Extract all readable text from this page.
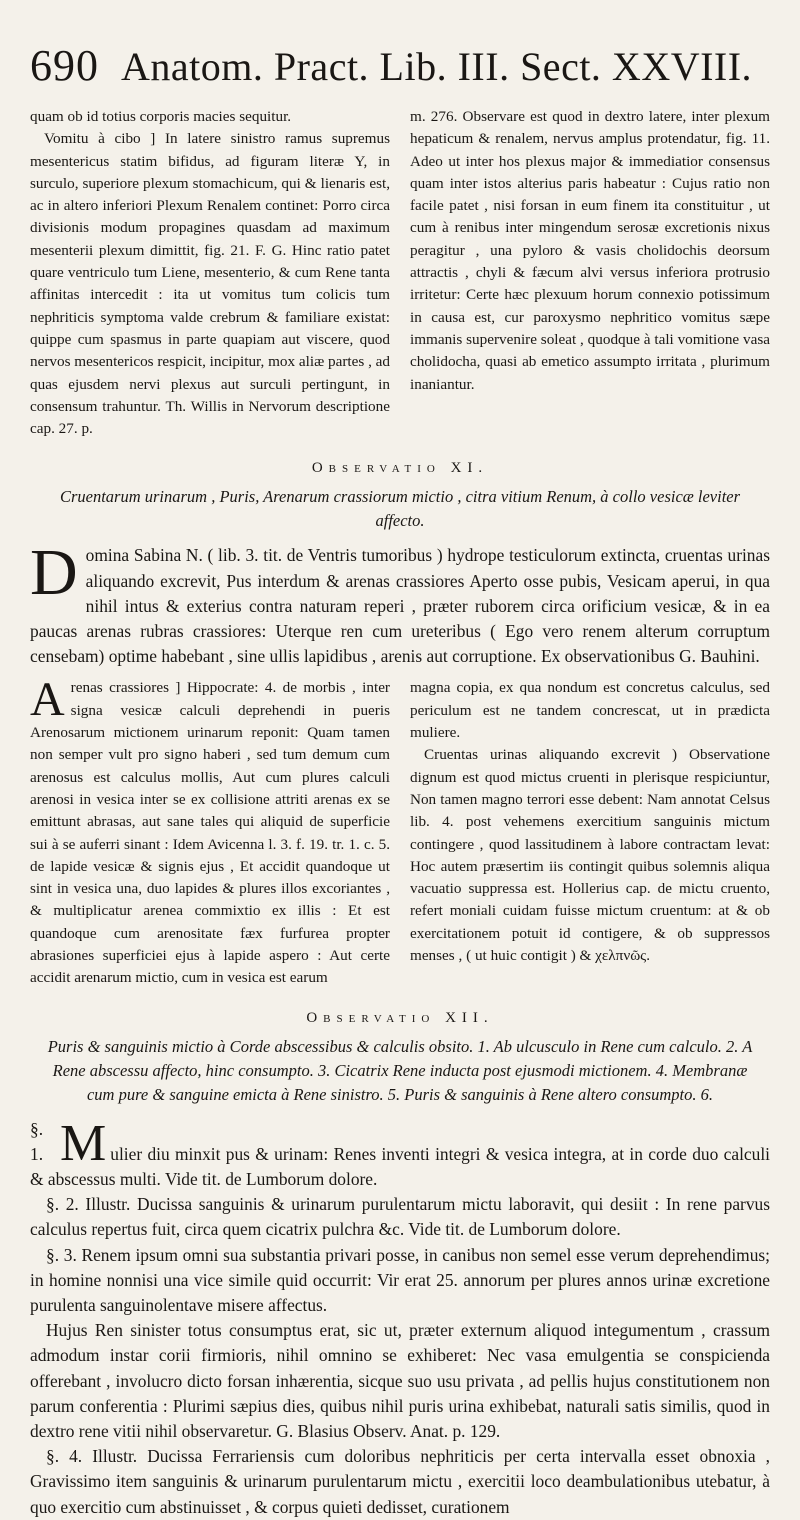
690 Anatom. Pract. Lib. III. Sect. XXVIII.

quam ob id totius corporis macies sequitur.

Vomitu à cibo ] In latere sinistro ramus supremus mesentericus statim bifidus, ad figuram literæ Y, in surculo, superiore plexum stomachicum, qui & lienaris est, ac in altero inferiori Plexum Renalem continet: Porro circa divisionis modum propagines quasdam ad maximum mesenterii plexum dimittit, fig. 21. F. G. Hinc ratio patet quare ventriculo tum Liene, mesenterio, & cum Rene tanta affinitas intercedit : ita ut vomitus tum colicis tum nephriticis symptoma valde crebrum & familiare existat: quippe cum spasmus in parte quapiam aut viscere, quod nervos mesentericos respicit, incipitur, mox aliæ partes , ad quas ejusdem nervi plexus aut surculi pertingunt, in consensum trahuntur. Th. Willis in Nervorum descriptione cap. 27. p.

m. 276. Observare est quod in dextro latere, inter plexum hepaticum & renalem, nervus amplus protendatur, fig. 11. Adeo ut inter hos plexus major & immediatior consensus quam inter istos alterius paris habeatur : Cujus ratio non facile patet , nisi forsan in eum finem ita constituitur , ut cum à renibus inter mingendum serosæ excretionis nixus peragitur , una pyloro & vasis cholidochis deorsum attractis , chyli & fæcum alvi versus inferiora protrusio irritetur: Certe hæc plexuum horum connexio potissimum in causa est, cur paroxysmo nephritico vomitus sæpe immanis supervenire soleat , quodque à tali vomitione vasa cholidocha, quasi ab emetico assumpto irritata , plurimum inaniantur.

Observatio XI.
Cruentarum urinarum , Puris, Arenarum crassiorum mictio , citra vitium Renum, à collo vesicæ leviter affecto.
D omina Sabina N. ( lib. 3. tit. de Ventris tumoribus ) hydrope testiculorum extincta, cruentas urinas aliquando excrevit, Pus interdum & arenas crassiores Aperto osse pubis, Vesicam aperui, in qua nihil intus & exterius contra naturam reperi , præter ruborem circa orificium vesicæ, & in ea paucas arenas rubras crassiores: Uterque ren cum ureteribus ( Ego vero renem alterum corruptum censebam) optime habebant , sine ullis lapidibus , arenis aut corruptione. Ex observationibus G. Bauhini.

A renas crassiores ] Hippocrate: 4. de morbis , inter signa vesicæ calculi deprehendi in pueris Arenosarum mictionem urinarum reponit: Quam tamen non semper vult pro signo haberi , sed tum demum cum arenosus est calculus mollis, Aut cum plures calculi arenosi in vesica inter se ex collisione attriti arenas ex se emittunt abrasas, aut sane tales qui aliquid de superficie sui à se auferri sinant : Idem Avicenna l. 3. f. 19. tr. 1. c. 5. de lapide vesicæ & signis ejus , Et accidit quandoque ut sint in vesica una, duo lapides & plures illos excoriantes , & multiplicatur arenea commixtio ex illis : Et est quandoque cum arenositate fæx furfurea propter abrasiones superficiei ejus à lapide aspero : Aut certe accidit arenarum mictio, cum in vesica est earum

magna copia, ex qua nondum est concretus calculus, sed periculum est ne tandem concrescat, ut in prædicta muliere.

Cruentas urinas aliquando excrevit ) Observatione dignum est quod mictus cruenti in plerisque respiciuntur, Non tamen magno terrori esse debent: Nam annotat Celsus lib. 4. post vehemens exercitium sanguinis mictum contingere , quod lassitudinem à labore contractam levat: Hoc autem præsertim iis contingit quibus solemnis aliqua vacuatio suppressa est. Hollerius cap. de mictu cruento, refert moniali cuidam fuisse mictum cruentum: at & ob exercitationem potuit id contigere, & ob suppressos menses , ( ut huic contigit ) & χελπνῶς.

Observatio XII.
Puris & sanguinis mictio à Corde abscessibus & calculis obsito. 1. Ab ulcusculo in Rene cum calculo. 2. A Rene abscessu affecto, hinc consumpto. 3. Cicatrix Rene inducta post ejusmodi mictionem. 4. Membranæ cum pure & sanguine emicta à Rene sinistro. 5. Puris & sanguinis à Rene altero consumpto. 6.

§. 1. M ulier diu minxit pus & urinam: Renes inventi integri & vesica integra, at in corde duo calculi & abscessus multi. Vide tit. de Lumborum dolore.

§. 2. Illustr. Ducissa sanguinis & urinarum purulentarum mictu laboravit, qui desiit : In rene parvus calculus repertus fuit, circa quem cicatrix pulchra &c. Vide tit. de Lumborum dolore.

§. 3. Renem ipsum omni sua substantia privari posse, in canibus non semel esse verum deprehendimus; in homine nonnisi una vice simile quid occurrit: Vir erat 25. annorum per plures annos urinæ excretione purulenta sanguinolentave misere affectus.

Hujus Ren sinister totus consumptus erat, sic ut, præter externum aliquod integumentum , crassum admodum instar corii firmioris, nihil omnino se exhiberet: Nec vasa emulgentia se conspicienda offerebant , involucro dicto forsan inhærentia, sicque suo usu privata , ad pellis hujus constitutionem non parum conferentia : Plurimi sæpius dies, quibus nihil puris urina exhibebat, naturali satis similis, quod in dextro rene vitii nihil observaretur. G. Blasius Observ. Anat. p. 129.

§. 4. Illustr. Ducissa Ferrariensis cum doloribus nephriticis per certa intervalla esset obnoxia , Gravissimo item sanguinis & urinarum purulentarum mictu , exercitii loco deambulationibus utebatur, à quo exercitio cum abstinuisset , & corpus quieti dedisset, curationem
